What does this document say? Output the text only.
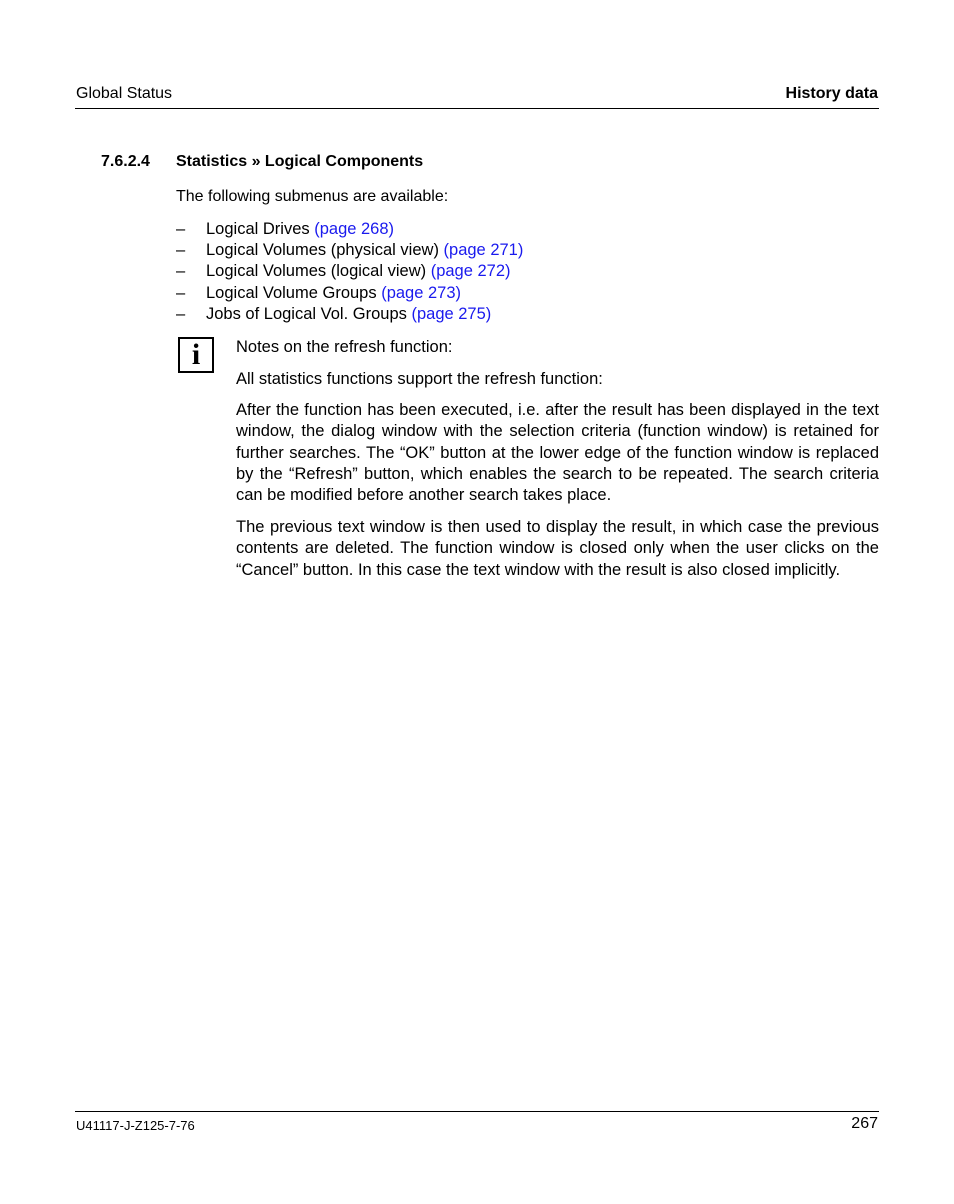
Global Status	History data
7.6.2.4 Statistics » Logical Components
The following submenus are available:
– Logical Drives (page 268)
– Logical Volumes (physical view) (page 271)
– Logical Volumes (logical view) (page 272)
– Logical Volume Groups (page 273)
– Jobs of Logical Vol. Groups (page 275)
i Notes on the refresh function:

All statistics functions support the refresh function:

After the function has been executed, i.e. after the result has been displayed in the text window, the dialog window with the selection criteria (function window) is retained for further searches. The “OK” button at the lower edge of the function window is replaced by the “Refresh” button, which enables the search to be repeated. The search criteria can be modified before another search takes place.

The previous text window is then used to display the result, in which case the previous contents are deleted. The function window is closed only when the user clicks on the “Cancel” button. In this case the text window with the result is also closed implicitly.

U41117-J-Z125-7-76	267
